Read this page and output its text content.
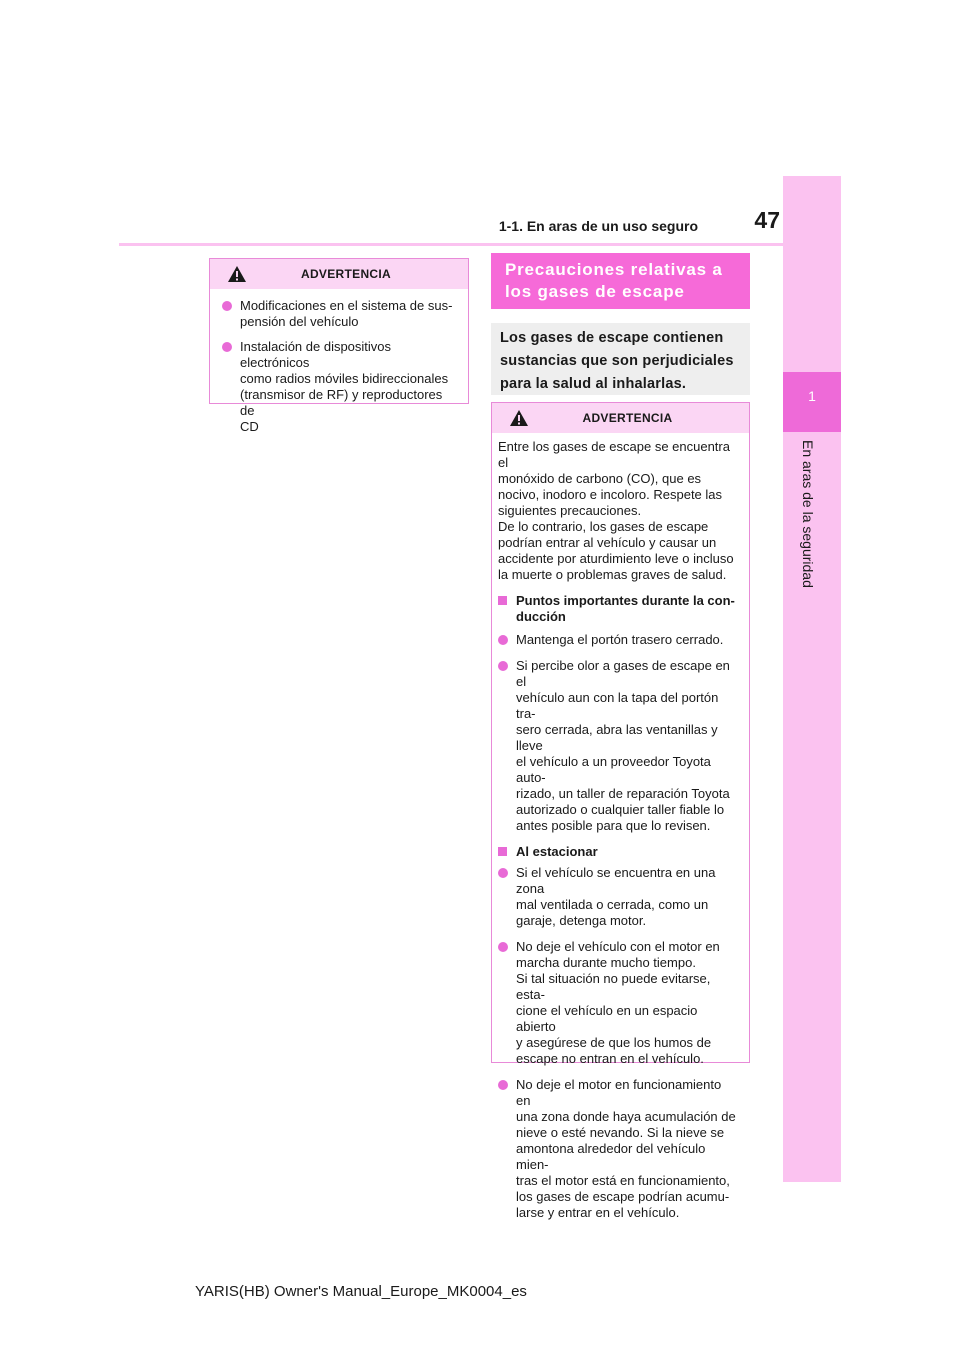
1
En aras de la seguridad
1-1. En aras de un uso seguro	47
ADVERTENCIA
Modificaciones en el sistema de sus-
pensión del vehículo
Instalación de dispositivos electrónicos
como radios móviles bidireccionales
(transmisor de RF) y reproductores de
CD
Precauciones relativas a
los gases de escape
Los gases de escape contienen
sustancias que son perjudiciales
para la salud al inhalarlas.
ADVERTENCIA
Entre los gases de escape se encuentra el
monóxido de carbono (CO), que es
nocivo, inodoro e incoloro. Respete las
siguientes precauciones.
De lo contrario, los gases de escape
podrían entrar al vehículo y causar un
accidente por aturdimiento leve o incluso
la muerte o problemas graves de salud.
Puntos importantes durante la con-
ducción
Mantenga el portón trasero cerrado.
Si percibe olor a gases de escape en el
vehículo aun con la tapa del portón tra-
sero cerrada, abra las ventanillas y lleve
el vehículo a un proveedor Toyota auto-
rizado, un taller de reparación Toyota
autorizado o cualquier taller fiable lo
antes posible para que lo revisen.
Al estacionar
Si el vehículo se encuentra en una zona
mal ventilada o cerrada, como un
garaje, detenga motor.
No deje el vehículo con el motor en
marcha durante mucho tiempo.
Si tal situación no puede evitarse, esta-
cione el vehículo en un espacio abierto
y asegúrese de que los humos de
escape no entran en el vehículo.
No deje el motor en funcionamiento en
una zona donde haya acumulación de
nieve o esté nevando. Si la nieve se
amontona alrededor del vehículo mien-
tras el motor está en funcionamiento,
los gases de escape podrían acumu-
larse y entrar en el vehículo.
YARIS(HB) Owner's Manual_Europe_MK0004_es
